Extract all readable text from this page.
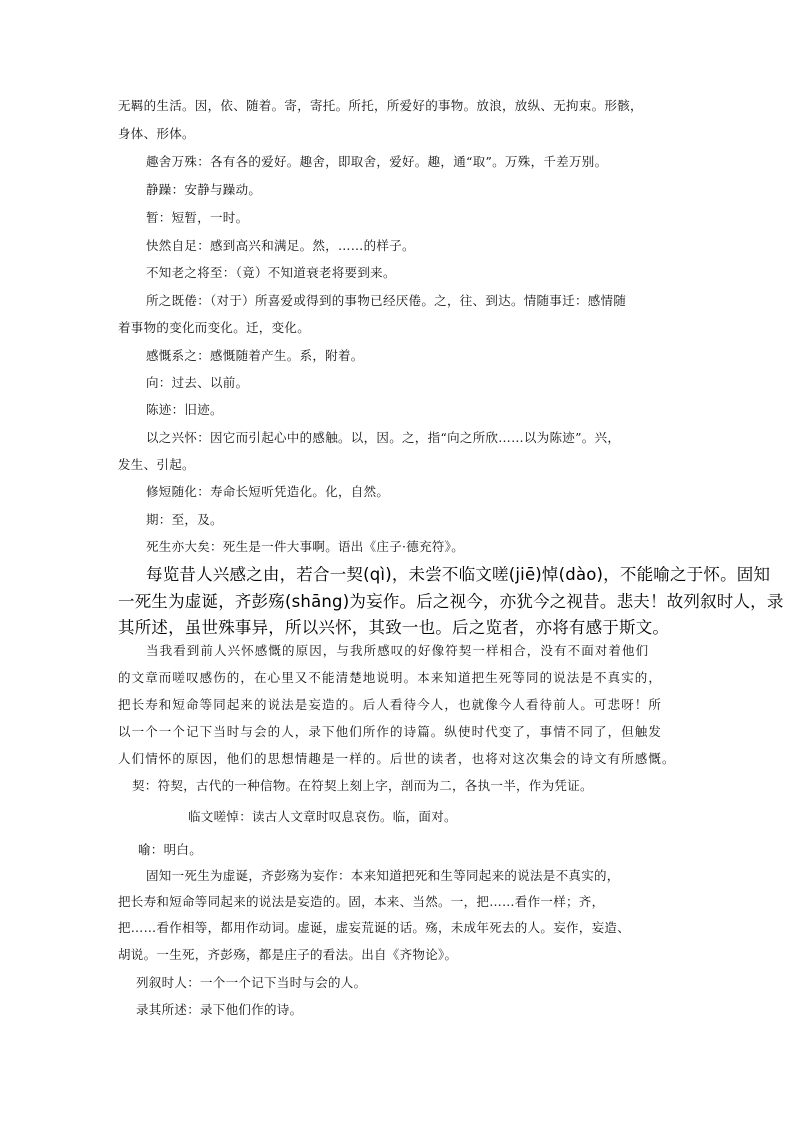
无羁的生活。因，依、随着。寄，寄托。所托，所爱好的事物。放浪，放纵、无拘束。形骸，

身体、形体。

趣舍万殊：各有各的爱好。趣舍，即取舍，爱好。趣，通“取”。万殊，千差万别。

静躁：安静与躁动。

暂：短暂，一时。

快然自足：感到高兴和满足。然，……的样子。

不知老之将至：（竟）不知道衰老将要到来。

所之既倦：（对于）所喜爱或得到的事物已经厌倦。之，往、到达。情随事迁：感情随

着事物的变化而变化。迁，变化。

感慨系之：感慨随着产生。系，附着。

向：过去、以前。

陈迹：旧迹。

以之兴怀：因它而引起心中的感触。以，因。之，指“向之所欣……以为陈迹”。兴，

发生、引起。

修短随化：寿命长短听凭造化。化，自然。

期：至，及。

死生亦大矣：死生是一件大事啊。语出《庄子·德充符》。

每览昔人兴感之由，若合一契(qì)，未尝不临文嗟(jiē)悼(dào)，不能喻之于怀。固知

一死生为虚诞，齐彭殇(shāng)为妄作。后之视今，亦犹今之视昔。悲夫！故列叙时人，录

其所述，虽世殊事异，所以兴怀，其致一也。后之览者，亦将有感于斯文。

当我看到前人兴怀感慨的原因，与我所感叹的好像符契一样相合，没有不面对着他们

的文章而嗟叹感伤的，在心里又不能清楚地说明。本来知道把生死等同的说法是不真实的，

把长寿和短命等同起来的说法是妄造的。后人看待今人，也就像今人看待前人。可悲呀！所

以一个一个记下当时与会的人，录下他们所作的诗篇。纵使时代变了，事情不同了，但触发

人们情怀的原因，他们的思想情趣是一样的。后世的读者，也将对这次集会的诗文有所感慨。

契：符契，古代的一种信物。在符契上刻上字，剖而为二，各执一半，作为凭证。

临文嗟悼：读古人文章时叹息哀伤。临，面对。

喻：明白。

固知一死生为虚诞，齐彭殇为妄作：本来知道把死和生等同起来的说法是不真实的，

把长寿和短命等同起来的说法是妄造的。固，本来、当然。一，把……看作一样；齐，

把……看作相等，都用作动词。虚诞，虚妄荒诞的话。殇，未成年死去的人。妄作，妄造、

胡说。一生死，齐彭殇，都是庄子的看法。出自《齐物论》。

列叙时人：一个一个记下当时与会的人。

录其所述：录下他们作的诗。
